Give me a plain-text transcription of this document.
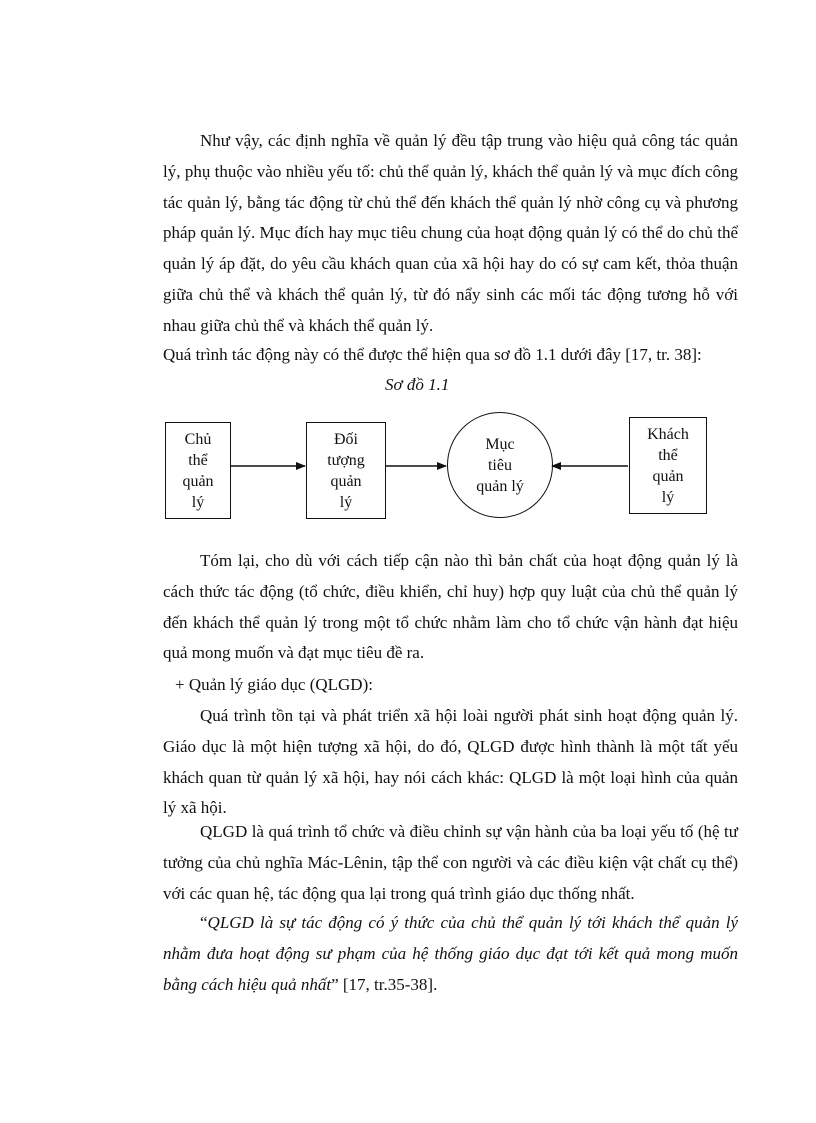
Như vậy, các định nghĩa về quản lý đều tập trung vào hiệu quả công tác quản lý, phụ thuộc vào nhiều yếu tố: chủ thể quản lý, khách thể quản lý và mục đích công tác quản lý, bằng tác động từ chủ thể đến khách thể quản lý nhờ công cụ và phương pháp quản lý. Mục đích hay mục tiêu chung của hoạt động quản lý có thể do chủ thể quản lý áp đặt, do yêu cầu khách quan của xã hội hay do có sự cam kết, thỏa thuận giữa chủ thể và khách thể quản lý, từ đó nẩy sinh các mối tác động tương hỗ với nhau giữa chủ thể và khách thể quản lý.

Quá trình tác động này có thể được thể hiện qua sơ đồ 1.1 dưới đây [17, tr. 38]:

Sơ đồ 1.1

Chủ
thể
quản
lý
Đối
tượng
quản
lý
Mục
tiêu
quản lý
Khách
thể
quản
lý

Tóm lại, cho dù với cách tiếp cận nào thì bản chất của hoạt động quản lý là cách thức tác động (tổ chức, điều khiển, chỉ huy) hợp quy luật của chủ thể quản lý đến khách thể quản lý trong một tổ chức nhằm làm cho tổ chức vận hành đạt hiệu quả mong muốn và đạt mục tiêu đề ra.

+ Quản lý giáo dục (QLGD):

Quá trình tồn tại và phát triển xã hội loài người phát sinh hoạt động quản lý. Giáo dục là một hiện tượng xã hội, do đó, QLGD được hình thành là một tất yếu khách quan từ quản lý xã hội, hay nói cách khác: QLGD là một loại hình của quản lý xã hội.

QLGD là quá trình tổ chức và điều chỉnh sự vận hành của ba loại yếu tố (hệ tư tưởng của chủ nghĩa Mác-Lênin, tập thể con người và các điều kiện vật chất cụ thể) với các quan hệ, tác động qua lại trong quá trình giáo dục thống nhất.

“QLGD là sự tác động có ý thức của chủ thể quản lý tới khách thể quản lý nhằm đưa hoạt động sư phạm của hệ thống giáo dục đạt tới kết quả mong muốn bằng cách hiệu quả nhất” [17, tr.35-38].
